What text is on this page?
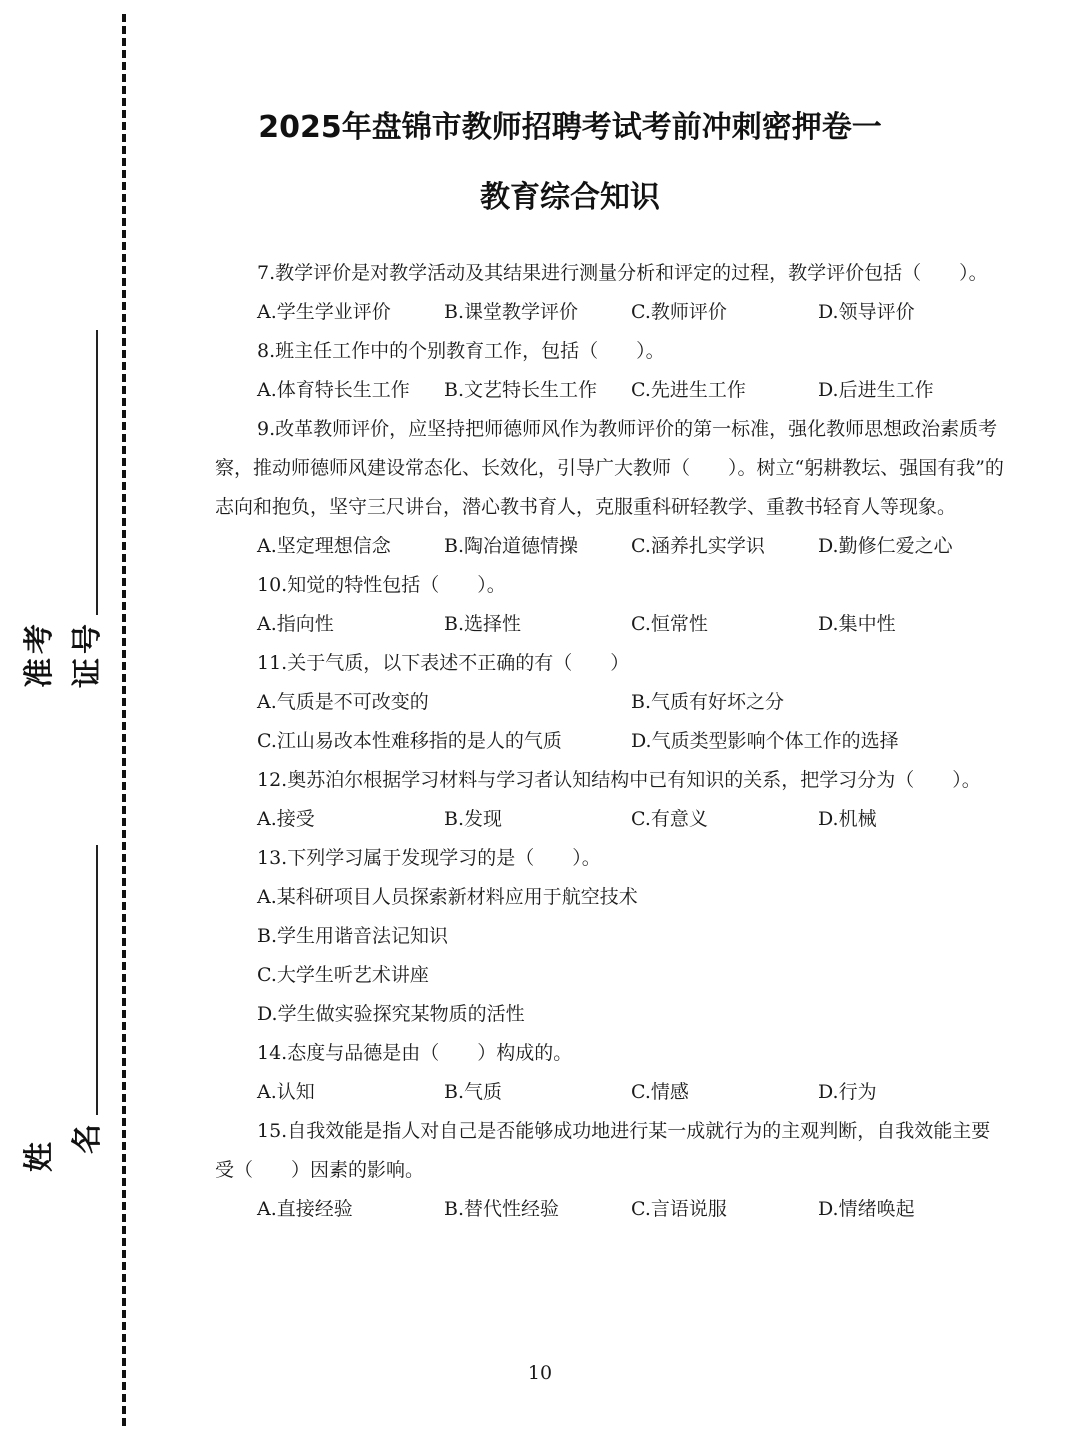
考
准
号
证
姓
名
2025年盘锦市教师招聘考试考前冲刺密押卷一
教育综合知识

7.教学评价是对教学活动及其结果进行测量分析和评定的过程，教学评价包括（　　）。

A.学生学业评价	B.课堂教学评价	C.教师评价	D.领导评价

8.班主任工作中的个别教育工作，包括（　　）。

A.体育特长生工作	B.文艺特长生工作	C.先进生工作	D.后进生工作

9.改革教师评价，应坚持把师德师风作为教师评价的第一标准，强化教师思想政治素质考察，推动师德师风建设常态化、长效化，引导广大教师（　　）。树立“躬耕教坛、强国有我”的志向和抱负，坚守三尺讲台，潜心教书育人，克服重科研轻教学、重教书轻育人等现象。

A.坚定理想信念	B.陶冶道德情操	C.涵养扎实学识	D.勤修仁爱之心

10.知觉的特性包括（　　）。

A.指向性	B.选择性	C.恒常性	D.集中性

11.关于气质，以下表述不正确的有（　　）

A.气质是不可改变的	B.气质有好坏之分
C.江山易改本性难移指的是人的气质	D.气质类型影响个体工作的选择

12.奥苏泊尔根据学习材料与学习者认知结构中已有知识的关系，把学习分为（　　）。

A.接受	B.发现	C.有意义	D.机械

13.下列学习属于发现学习的是（　　）。

A.某科研项目人员探索新材料应用于航空技术
B.学生用谐音法记知识
C.大学生听艺术讲座
D.学生做实验探究某物质的活性

14.态度与品德是由（　　）构成的。

A.认知	B.气质	C.情感	D.行为

15.自我效能是指人对自己是否能够成功地进行某一成就行为的主观判断，自我效能主要受（　　）因素的影响。

A.直接经验	B.替代性经验	C.言语说服	D.情绪唤起
10
